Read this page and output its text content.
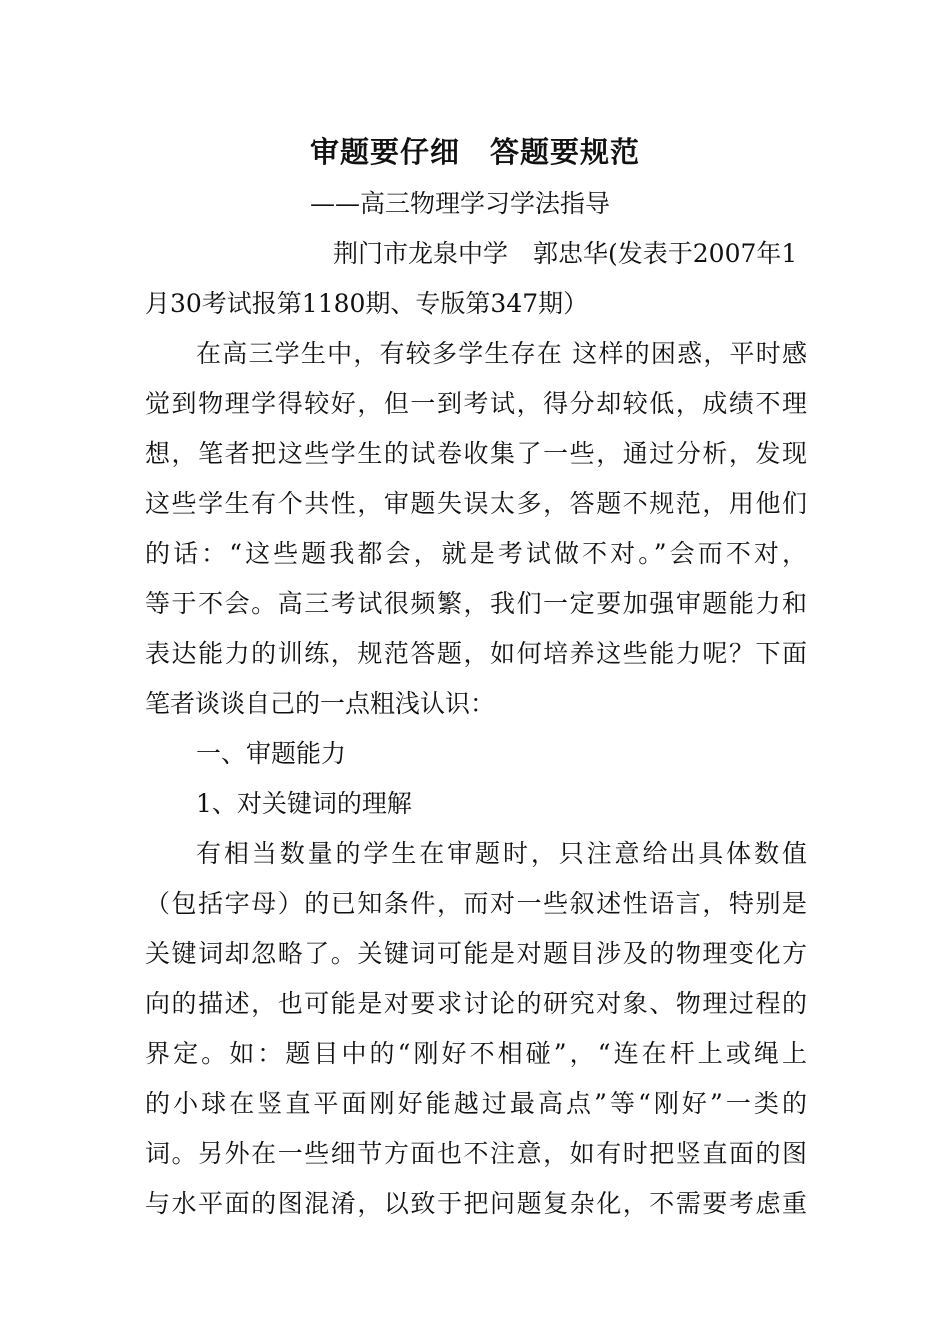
审题要仔细　答题要规范
——高三物理学习学法指导
荆门市龙泉中学　郭忠华(发表于2007年1
月30考试报第1180期、专版第347期）
在高三学生中，有较多学生存在 这样的困惑，平时感
觉到物理学得较好，但一到考试，得分却较低，成绩不理
想，笔者把这些学生的试卷收集了一些，通过分析，发现
这些学生有个共性，审题失误太多，答题不规范，用他们
的话：“这些题我都会，就是考试做不对。”会而不对，
等于不会。高三考试很频繁，我们一定要加强审题能力和
表达能力的训练，规范答题，如何培养这些能力呢？下面
笔者谈谈自己的一点粗浅认识：
一、审题能力
1、对关键词的理解
有相当数量的学生在审题时，只注意给出具体数值
（包括字母）的已知条件，而对一些叙述性语言，特别是
关键词却忽略了。关键词可能是对题目涉及的物理变化方
向的描述，也可能是对要求讨论的研究对象、物理过程的
界定。如：题目中的“刚好不相碰”，“连在杆上或绳上
的小球在竖直平面刚好能越过最高点”等“刚好”一类的
词。另外在一些细节方面也不注意，如有时把竖直面的图
与水平面的图混淆，以致于把问题复杂化，不需要考虑重
